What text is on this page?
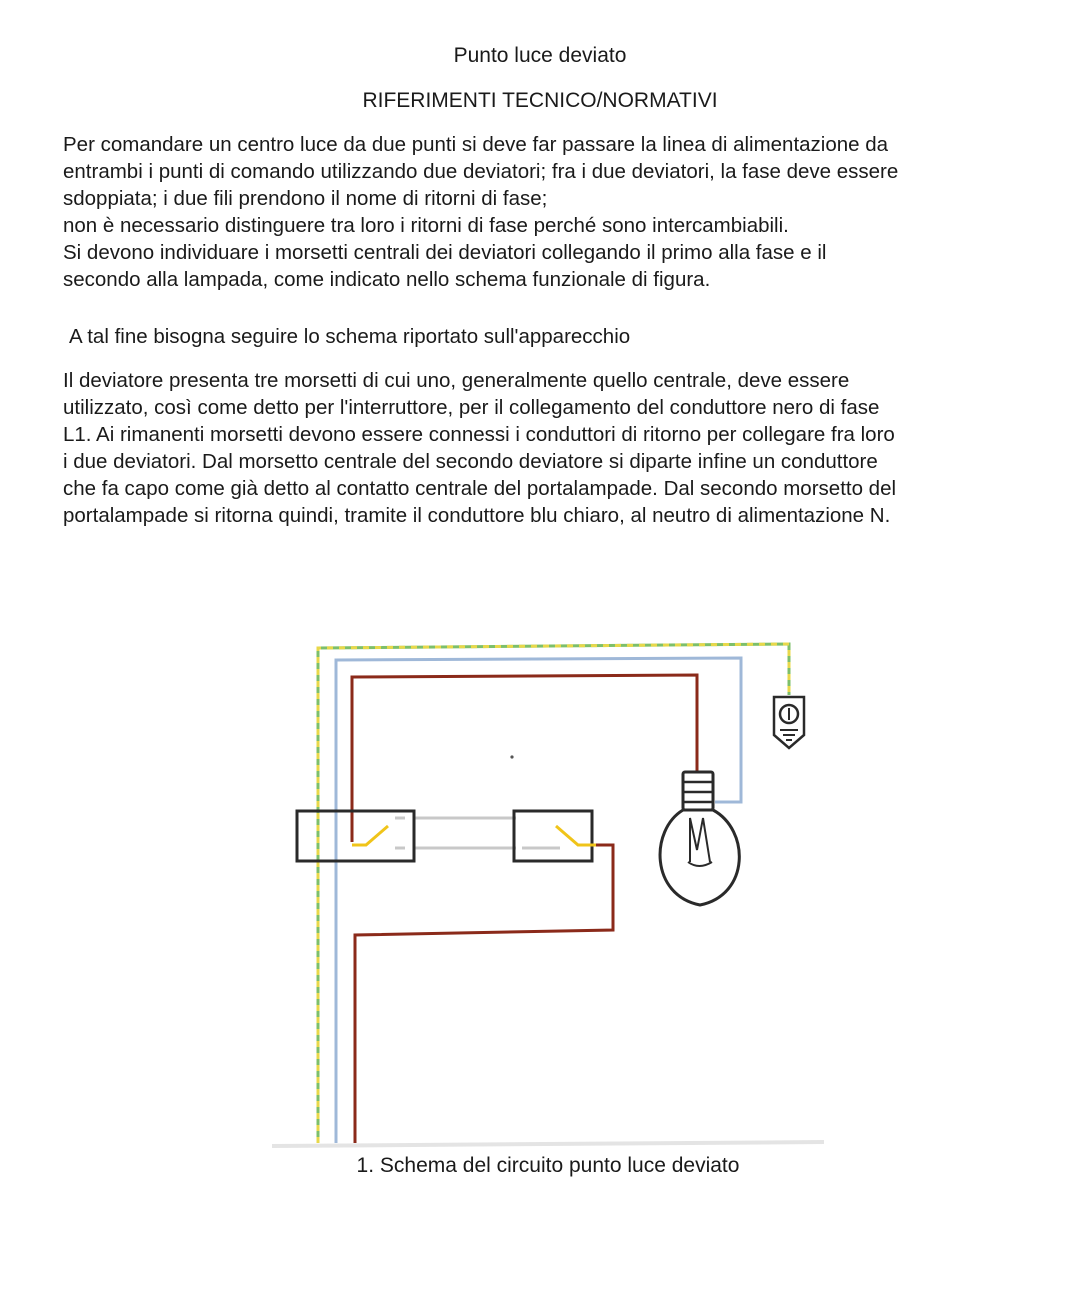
Punto luce deviato
RIFERIMENTI TECNICO/NORMATIVI

Per comandare un centro luce da due punti si deve far passare la linea di alimentazione da
entrambi i punti di comando utilizzando due deviatori; fra i due deviatori, la fase deve essere
sdoppiata; i due fili prendono il nome di ritorni di fase;
non è necessario distinguere tra loro i ritorni di fase perché sono intercambiabili.
Si devono individuare i morsetti centrali dei deviatori collegando il primo alla fase e il
secondo alla lampada, come indicato nello schema funzionale di figura.

A tal fine bisogna seguire lo schema riportato sull'apparecchio

Il deviatore presenta tre morsetti di cui uno, generalmente quello centrale, deve essere
utilizzato, così come detto per l'interruttore, per il collegamento del conduttore nero di fase
L1. Ai rimanenti morsetti devono essere connessi i conduttori di ritorno per collegare fra loro
i due deviatori. Dal morsetto centrale del secondo deviatore si diparte infine un conduttore
che fa capo come già detto al contatto centrale del portalampade. Dal secondo morsetto del
portalampade si ritorna quindi, tramite il conduttore blu chiaro, al neutro di alimentazione N.

1. Schema del circuito punto luce deviato
